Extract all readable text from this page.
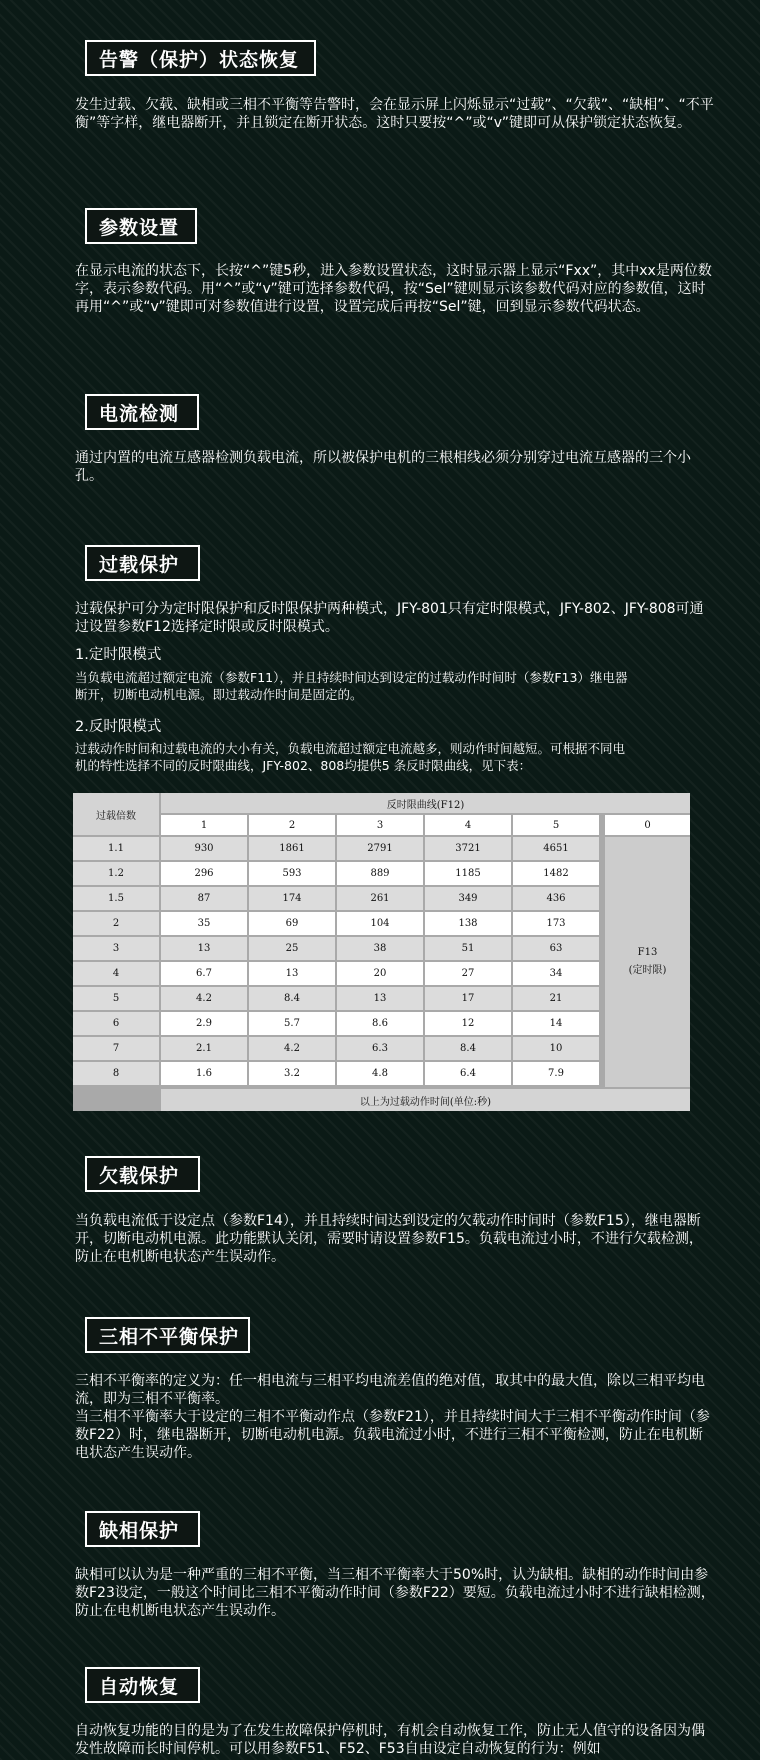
告警（保护）状态恢复

发生过载、欠载、缺相或三相不平衡等告警时，会在显示屏上闪烁显示“过载”、“欠载”、“缺相”、“不平衡”等字样，继电器断开，并且锁定在断开状态。这时只要按“^”或“v”键即可从保护锁定状态恢复。

参数设置

在显示电流的状态下，长按“^”键5秒，进入参数设置状态，这时显示器上显示“Fxx”，其中xx是两位数字，表示参数代码。用“^”或“v”键可选择参数代码，按“Sel”键则显示该参数代码对应的参数值，这时再用“^”或“v”键即可对参数值进行设置，设置完成后再按“Sel”键，回到显示参数代码状态。

电流检测

通过内置的电流互感器检测负载电流，所以被保护电机的三根相线必须分别穿过电流互感器的三个小孔。

过载保护

过载保护可分为定时限保护和反时限保护两种模式，JFY-801只有定时限模式，JFY-802、JFY-808可通过设置参数F12选择定时限或反时限模式。

1.定时限模式

当负载电流超过额定电流（参数F11），并且持续时间达到设定的过载动作时间时（参数F13）继电器断开，切断电动机电源。即过载动作时间是固定的。

2.反时限模式

过载动作时间和过载电流的大小有关，负载电流超过额定电流越多，则动作时间越短。可根据不同电机的特性选择不同的反时限曲线，JFY-802、808均提供5 条反时限曲线，见下表：

过载倍数
反时限曲线(F12)
1	2	3	4	5	0
1.1	930	1861	2791	3721	4651
1.2	296	593	889	1185	1482
1.5	87	174	261	349	436
2	35	69	104	138	173
3	13	25	38	51	63
4	6.7	13	20	27	34
5	4.2	8.4	13	17	21
6	2.9	5.7	8.6	12	14
7	2.1	4.2	6.3	8.4	10
8	1.6	3.2	4.8	6.4	7.9
F13
(定时限)
以上为过载动作时间(单位:秒)
欠载保护

当负载电流低于设定点（参数F14），并且持续时间达到设定的欠载动作时间时（参数F15），继电器断开，切断电动机电源。此功能默认关闭，需要时请设置参数F15。负载电流过小时，不进行欠载检测，防止在电机断电状态产生误动作。

三相不平衡保护

三相不平衡率的定义为：任一相电流与三相平均电流差值的绝对值，取其中的最大值，除以三相平均电流，即为三相不平衡率。

当三相不平衡率大于设定的三相不平衡动作点（参数F21），并且持续时间大于三相不平衡动作时间（参数F22）时，继电器断开，切断电动机电源。负载电流过小时，不进行三相不平衡检测，防止在电机断电状态产生误动作。

缺相保护

缺相可以认为是一种严重的三相不平衡，当三相不平衡率大于50%时，认为缺相。缺相的动作时间由参数F23设定，一般这个时间比三相不平衡动作时间（参数F22）要短。负载电流过小时不进行缺相检测，防止在电机断电状态产生误动作。

自动恢复

自动恢复功能的目的是为了在发生故障保护停机时，有机会自动恢复工作，防止无人值守的设备因为偶发性故障而长时间停机。可以用参数F51、F52、F53自由设定自动恢复的行为：例如
